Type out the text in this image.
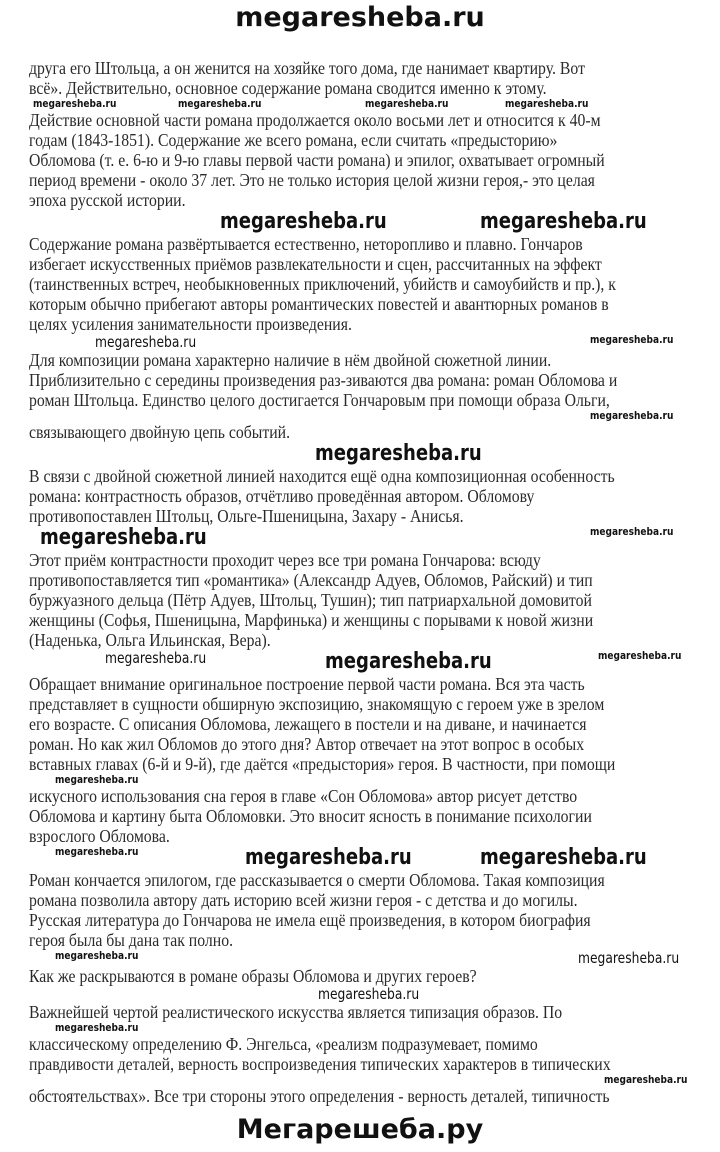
megaresheba.ru
друга его Штольца, а он женится на хозяйке того дома, где нанимает квартиру. Вот
всё». Действительно, основное содержание романа сводится именно к этому.
megaresheba.ru	megaresheba.ru	megaresheba.ru	megaresheba.ru
Действие основной части романа продолжается около восьми лет и относится к 40-м
годам (1843-1851). Содержание же всего романа, если считать «предысторию»
Обломова (т. е. 6-ю и 9-ю главы первой части романа) и эпилог, охватывает огромный
период времени - около 37 лет. Это не только история целой жизни героя,- это целая
эпоха русской истории.
megaresheba.ru	megaresheba.ru
Содержание романа развёртывается естественно, неторопливо и плавно. Гончаров
избегает искусственных приёмов развлекательности и сцен, рассчитанных на эффект
(таинственных встреч, необыкновенных приключений, убийств и самоубийств и пр.), к
которым обычно прибегают авторы романтических повестей и авантюрных романов в
целях усиления занимательности произведения.
megaresheba.ru	megaresheba.ru
Для композиции романа характерно наличие в нём двойной сюжетной линии.
Приблизительно с середины произведения раз-зиваются два романа: роман Обломова и
роман Штольца. Единство целого достигается Гончаровым при помощи образа Ольги,
megaresheba.ru
связывающего двойную цепь событий.
megaresheba.ru
В связи с двойной сюжетной линией находится ещё одна композиционная особенность
романа: контрастность образов, отчётливо проведённая автором. Обломову
противопоставлен Штольц, Ольге-Пшеницына, Захару - Анисья.
megaresheba.ru	megaresheba.ru
Этот приём контрастности проходит через все три романа Гончарова: всюду
противопоставляется тип «романтика» (Александр Адуев, Обломов, Райский) и тип
буржуазного дельца (Пётр Адуев, Штольц, Тушин); тип патриархальной домовитой
женщины (Софья, Пшеницына, Марфинька) и женщины с порывами к новой жизни
(Наденька, Ольга Ильинская, Вера).
megaresheba.ru	megaresheba.ru	megaresheba.ru
Обращает внимание оригинальное построение первой части романа. Вся эта часть
представляет в сущности обширную экспозицию, знакомящую с героем уже в зрелом
его возрасте. С описания Обломова, лежащего в постели и на диване, и начинается
роман. Но как жил Обломов до этого дня? Автор отвечает на этот вопрос в особых
вставных главах (6-й и 9-й), где даётся «предыстория» героя. В частности, при помощи
megaresheba.ru
искусного использования сна героя в главе «Сон Обломова» автор рисует детство
Обломова и картину быта Обломовки. Это вносит ясность в понимание психологии
взрослого Обломова.
megaresheba.ru	megaresheba.ru	megaresheba.ru
Роман кончается эпилогом, где рассказывается о смерти Обломова. Такая композиция
романа позволила автору дать историю всей жизни героя - с детства и до могилы.
Русская литература до Гончарова не имела ещё произведения, в котором биография
героя была бы дана так полно.
megaresheba.ru	megaresheba.ru
Как же раскрываются в романе образы Обломова и других героев?
megaresheba.ru
Важнейшей чертой реалистического искусства является типизация образов. По
megaresheba.ru
классическому определению Ф. Энгельса, «реализм подразумевает, помимо
правдивости деталей, верность воспроизведения типических характеров в типических
megaresheba.ru
обстоятельствах». Все три стороны этого определения - верность деталей, типичность
Мегарешеба.ру
